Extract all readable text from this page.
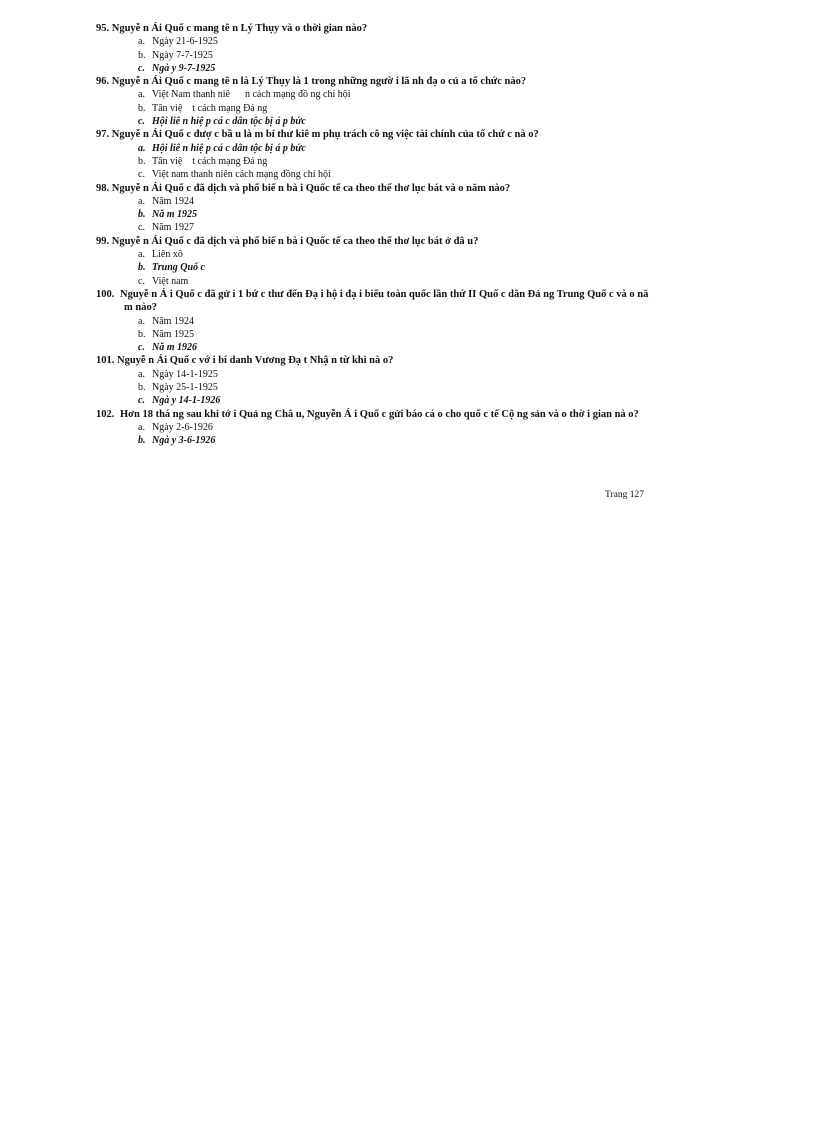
95. Nguyễ n Ái Quố c mang tê n Lý Thụy và o thời gian nào?
a. Ngày 21-6-1925
b. Ngày 7-7-1925
c. Ngà y 9-7-1925
96. Nguyễ n Ái Quố c mang tê n là Lý Thụy là 1 trong những ngườ i lã nh đạ o củ a tổ chức nào?
a. Việt Nam thanh niê      n cách mạng đồ ng chí hội
b. Tân việ    t cách mạng Đả ng
c. Hội liê n hiệ p cá c dân tộc bị á p bức
97. Nguyễ n Ái Quố c đượ c bầ u là m bí thư kiê m phụ trách cô ng việc tài chính của tổ chứ c nà o?
a. Hội liê n hiệ p cá c dân tộc bị á p bức
b. Tân việ    t cách mạng Đả ng
c. Việt nam thanh niên cách mạng đồng chí hội
98. Nguyễ n Ái Quố c đã dịch và phổ biế n bà i Quốc tế ca theo thể thơ lục bát và o năm nào?
a. Năm 1924
b. Nă m 1925
c. Năm 1927
99. Nguyễ n Ái Quố c đã dịch và phổ biế n bà i Quốc tế ca theo thể thơ lục bát ở đâ u?
a. Liên xô
b. Trung Quố c
c. Việt nam
100. Nguyễ n Á i Quố c đã gử i 1 bứ c thư đến Đạ i hộ i đạ i biểu toàn quốc lần thứ II Quố c dân Đả ng Trung Quố c và o nă m nào?
a. Năm 1924
b. Năm 1925
c. Nă m 1926
101. Nguyễ n Ái Quố c vớ i bí danh Vương Đạ t Nhậ n từ khi nà o?
a. Ngày 14-1-1925
b. Ngày 25-1-1925
c. Ngà y 14-1-1926
102. Hơn 18 thá ng sau khi tớ i Quả ng Châ u, Nguyễn Á i Quố c gửi báo cá o cho quố c tế Cộ ng sản và o thờ i gian nà o?
a. Ngày 2-6-1926
b. Ngà y 3-6-1926
Trang 127
